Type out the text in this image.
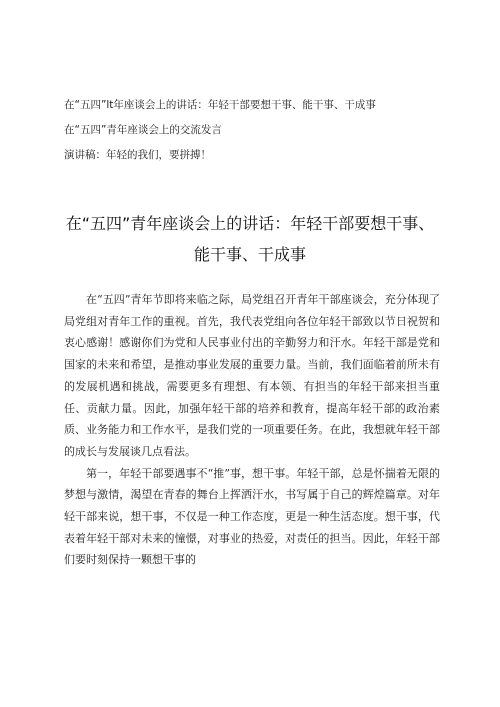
在“五四”lt年座谈会上的讲话：年轻干部要想干事、能干事、干成事
在“五四”青年座谈会上的交流发言
演讲稿：年轻的我们，要拼搏！
在“五四”青年座谈会上的讲话：年轻干部要想干事、
能干事、干成事

在“五四”青年节即将来临之际，局党组召开青年干部座谈会，充分体现了局党组对青年工作的重视。首先，我代表党组向各位年轻干部致以节日祝贺和衷心感谢！感谢你们为党和人民事业付出的辛勤努力和汗水。年轻干部是党和国家的未来和希望，是推动事业发展的重要力量。当前，我们面临着前所未有的发展机遇和挑战，需要更多有理想、有本领、有担当的年轻干部来担当重任、贡献力量。因此，加强年轻干部的培养和教育，提高年轻干部的政治素质、业务能力和工作水平，是我们党的一项重要任务。在此，我想就年轻干部的成长与发展谈几点看法。

第一，年轻干部要遇事不“推”事，想干事。年轻干部，总是怀揣着无限的梦想与激情，渴望在青春的舞台上挥洒汗水，书写属于自己的辉煌篇章。对年轻干部来说，想干事，不仅是一种工作态度，更是一种生活态度。想干事，代表着年轻干部对未来的憧憬，对事业的热爱，对责任的担当。因此，年轻干部们要时刻保持一颗想干事的
